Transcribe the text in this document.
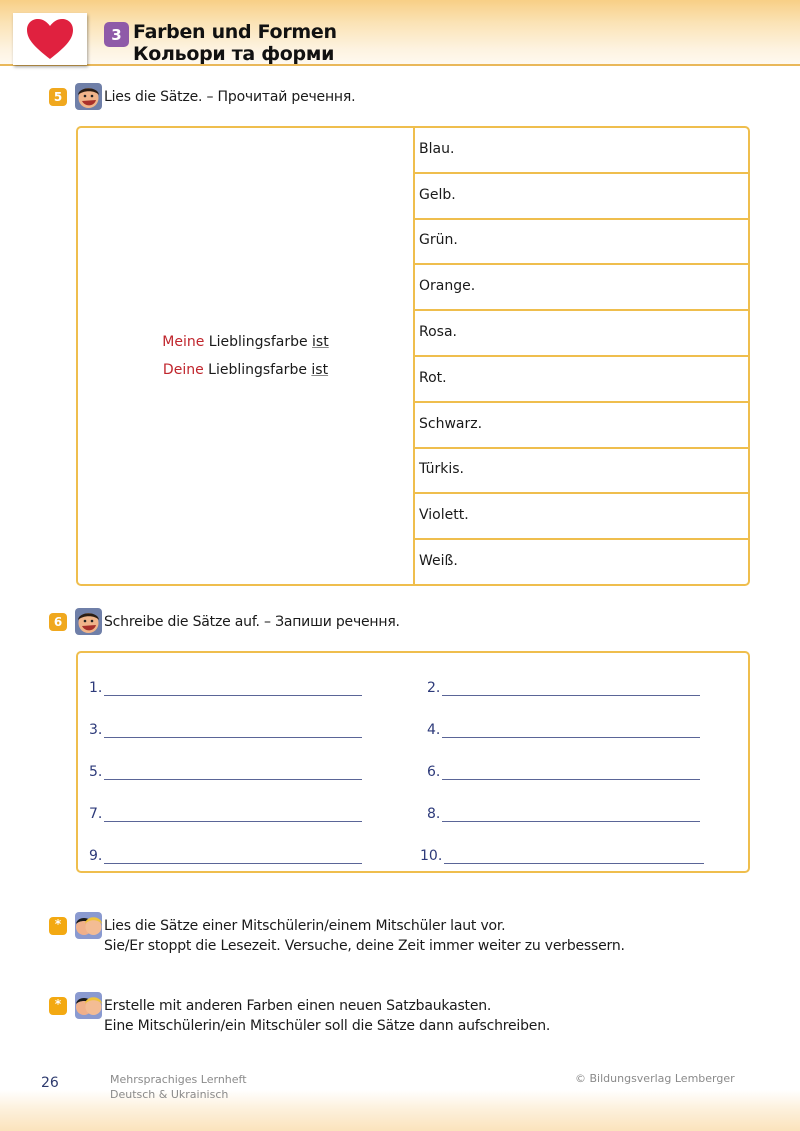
3 Farben und Formen
Кольори та форми
5	Lies die Sätze. – Прочитай речення.
Meine Lieblingsfarbe ist
Deine Lieblingsfarbe ist
Blau.
Gelb.
Grün.
Orange.
Rosa.
Rot.
Schwarz.
Türkis.
Violett.
Weiß.
6	Schreibe die Sätze auf. – Запиши речення.
1.	2.
3.	4.
5.	6.
7.	8.
9.	10.
*	Lies die Sätze einer Mitschülerin/einem Mitschüler laut vor.
Sie/Er stoppt die Lesezeit. Versuche, deine Zeit immer weiter zu verbessern.
*	Erstelle mit anderen Farben einen neuen Satzbaukasten.
Eine Mitschülerin/ein Mitschüler soll die Sätze dann aufschreiben.
26	Mehrsprachiges Lernheft
Deutsch & Ukrainisch
© Bildungsverlag Lemberger
